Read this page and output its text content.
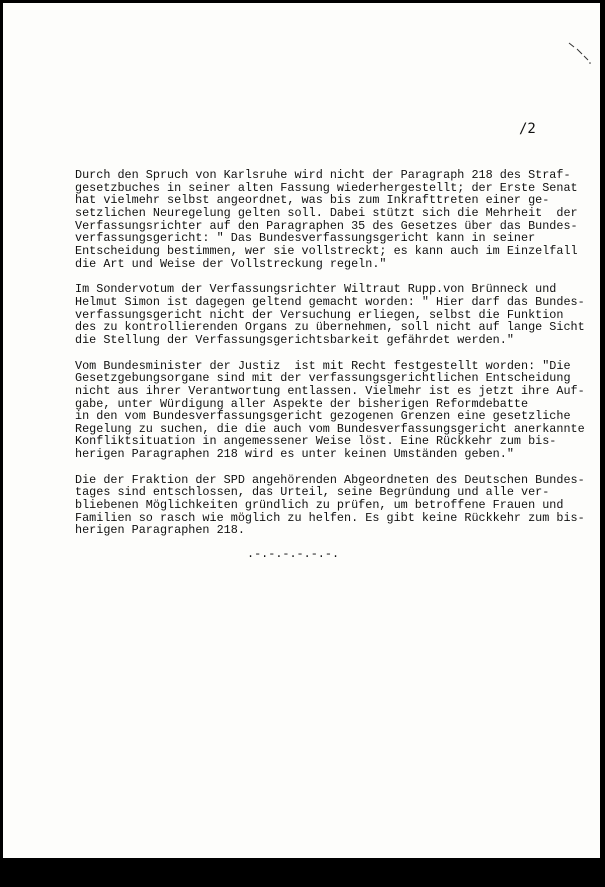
/2
Durch den Spruch von Karlsruhe wird nicht der Paragraph 218 des Straf-
gesetzbuches in seiner alten Fassung wiederhergestellt; der Erste Senat
hat vielmehr selbst angeordnet, was bis zum Inkrafttreten einer ge-
setzlichen Neuregelung gelten soll. Dabei stützt sich die Mehrheit  der
Verfassungsrichter auf den Paragraphen 35 des Gesetzes über das Bundes-
verfassungsgericht: " Das Bundesverfassungsgericht kann in seiner
Entscheidung bestimmen, wer sie vollstreckt; es kann auch im Einzelfall
die Art und Weise der Vollstreckung regeln."
Im Sondervotum der Verfassungsrichter Wiltraut Rupp.von Brünneck und
Helmut Simon ist dagegen geltend gemacht worden: " Hier darf das Bundes-
verfassungsgericht nicht der Versuchung erliegen, selbst die Funktion
des zu kontrollierenden Organs zu übernehmen, soll nicht auf lange Sicht
die Stellung der Verfassungsgerichtsbarkeit gefährdet werden."
Vom Bundesminister der Justiz  ist mit Recht festgestellt worden: "Die
Gesetzgebungsorgane sind mit der verfassungsgerichtlichen Entscheidung
nicht aus ihrer Verantwortung entlassen. Vielmehr ist es jetzt ihre Auf-
gabe, unter Würdigung aller Aspekte der bisherigen Reformdebatte
in den vom Bundesverfassungsgericht gezogenen Grenzen eine gesetzliche
Regelung zu suchen, die die auch vom Bundesverfassungsgericht anerkannte
Konfliktsituation in angemessener Weise löst. Eine Rückkehr zum bis-
herigen Paragraphen 218 wird es unter keinen Umständen geben."
Die der Fraktion der SPD angehörenden Abgeordneten des Deutschen Bundes-
tages sind entschlossen, das Urteil, seine Begründung und alle ver-
bliebenen Möglichkeiten gründlich zu prüfen, um betroffene Frauen und
Familien so rasch wie möglich zu helfen. Es gibt keine Rückkehr zum bis-
herigen Paragraphen 218.
.-.-.-.-.-.-.
